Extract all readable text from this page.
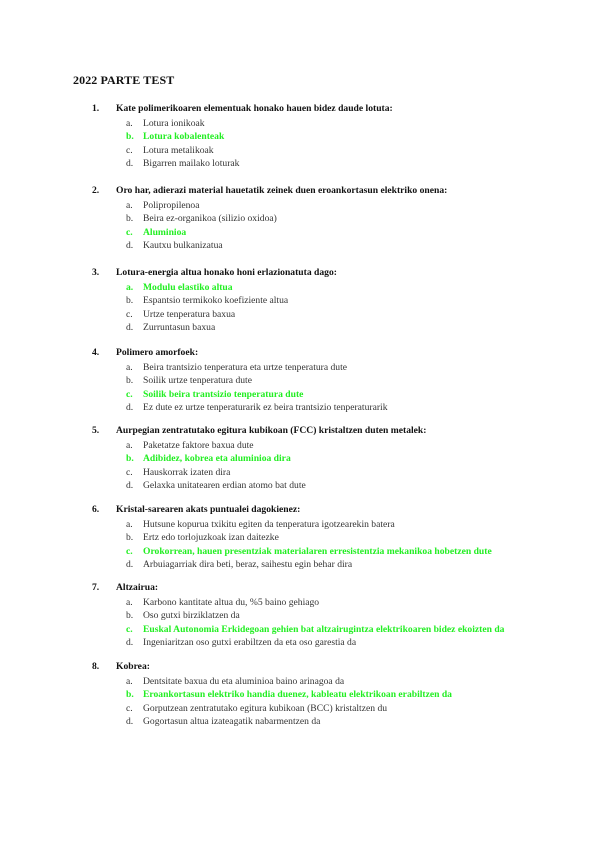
2022 PARTE TEST
1.	Kate polimerikoaren elementuak honako hauen bidez daude lotuta:
a.	Lotura ionikoak
b. Lotura kobalenteak
c.	Lotura metalikoak
d.	Bigarren mailako loturak
2.	Oro har, adierazi material hauetatik zeinek duen eroankortasun elektriko onena:
a.	Polipropilenoa
b.	Beira ez-organikoa (silizio oxidoa)
c.	Aluminioa
d.	Kautxu bulkanizatua
3.	Lotura-energia altua honako honi erlazionatuta dago:
a.	Modulu elastiko altua
b.	Espantsio termikoko koefiziente altua
c.	Urtze tenperatura baxua
d.	Zurruntasun baxua
4.	Polimero amorfoek:
a.	Beira trantsizio tenperatura eta urtze tenperatura dute
b.	Soilik urtze tenperatura dute
c.	Soilik beira trantsizio tenperatura dute
d.	Ez dute ez urtze tenperaturarik ez beira trantsizio tenperaturarik
5.	Aurpegian zentratutako egitura kubikoan (FCC) kristaltzen duten metalek:
a.	Paketatze faktore baxua dute
b. Adibidez, kobrea eta aluminioa dira
c.	Hauskorrak izaten dira
d.	Gelaxka unitatearen erdian atomo bat dute
6.	Kristal-sarearen akats puntualei dagokienez:
a.	Hutsune kopurua txikitu egiten da tenperatura igotzearekin batera
b.	Ertz edo torlojuzkoak izan daitezke
c.	Orokorrean, hauen presentziak materialaren erresistentzia mekanikoa hobetzen dute
d.	Arbuiagarriak dira beti, beraz, saihestu egin behar dira
7.	Altzairua:
a.	Karbono kantitate altua du, %5 baino gehiago
b.	Oso gutxi birziklatzen da
c.	Euskal Autonomia Erkidegoan gehien bat altzairugintza elektrikoaren bidez ekoizten da
d.	Ingeniaritzan oso gutxi erabiltzen da eta oso garestia da
8.	Kobrea:
a.	Dentsitate baxua du eta aluminioa baino arinagoa da
b. Eroankortasun elektriko handia duenez, kableatu elektrikoan erabiltzen da
c.	Gorputzean zentratutako egitura kubikoan (BCC) kristaltzen du
d.	Gogortasun altua izateagatik nabarmentzen da
